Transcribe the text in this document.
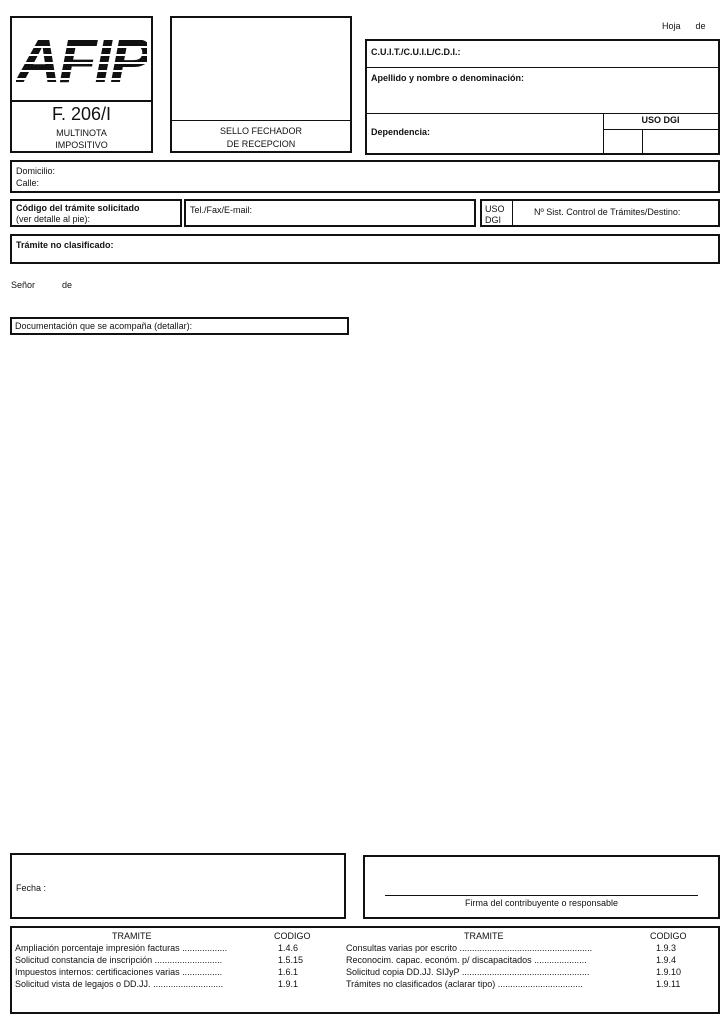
Hoja de
F. 206/I
MULTINOTA
IMPOSITIVO
SELLO FECHADOR
DE RECEPCION
C.U.I.T./C.U.I.L/C.D.I.:
Apellido y nombre o denominación:
Dependencia:
USO DGI
Domicilio:
Calle:
Código del trámite solicitado
(ver detalle al pie):
Tel./Fax/E-mail:	USO
DGI
Nº Sist. Control de Trámites/Destino:
Trámite no clasificado:
Señor	de
Documentación que se acompaña (detallar):
Fecha :
Firma del contribuyente o responsable
TRAMITE	CODIGO	TRAMITE	CODIGO
Ampliación porcentaje impresión facturas ..................	1.4.6
Solicitud constancia de inscripción ...........................	1.5.15
Impuestos internos: certificaciones varias ................	1.6.1
Solicitud vista de legajos o DD.JJ. ............................	1.9.1
Consultas varias por escrito .....................................................	1.9.3
Reconocim. capac. económ. p/ discapacitados .....................	1.9.4
Solicitud copia DD.JJ. SIJyP ...................................................	1.9.10
Trámites no clasificados (aclarar tipo) ..................................	1.9.11
